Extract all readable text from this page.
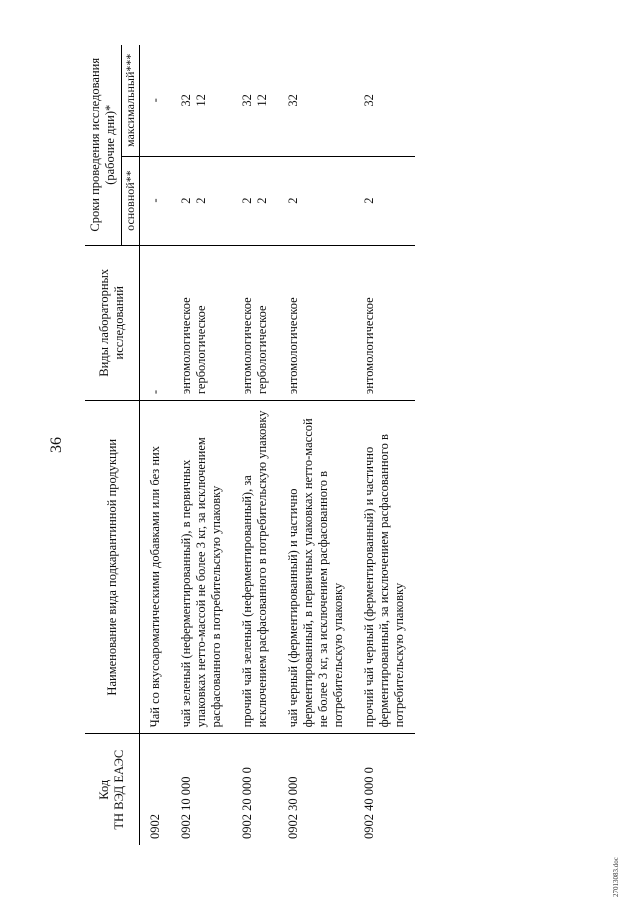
36
Код ТН ВЭД ЕАЭС	Наименование вида подкарантинной продукции	Виды лабораторных исследований	Сроки проведения исследования (рабочие дни)*	
			основной**	максимальный***
0902	Чай со вкусоароматическими добавками или без них	-	-	-

0902 10 000	чай зеленый (неферментированный), в первичных упаковках нетто-массой не более 3 кг, за исключением расфасованного в потребительскую упаковку	энтомологическое гербологическое	2 2	32 12

0902 20 000 0	прочий чай зеленый (неферментированный), за исключением расфасованного в потребительскую упаковку	энтомологическое гербологическое	2 2	32 12

0902 30 000	чай черный (ферментированный) и частично ферментированный, в первичных упаковках нетто-массой не более 3 кг, за исключением расфасованного в потребительскую упаковку	энтомологическое	2	32

0902 40 000 0	прочий чай черный (ферментированный) и частично ферментированный, за исключением расфасованного в потребительскую упаковку	энтомологическое	2	32
27013083.doc
